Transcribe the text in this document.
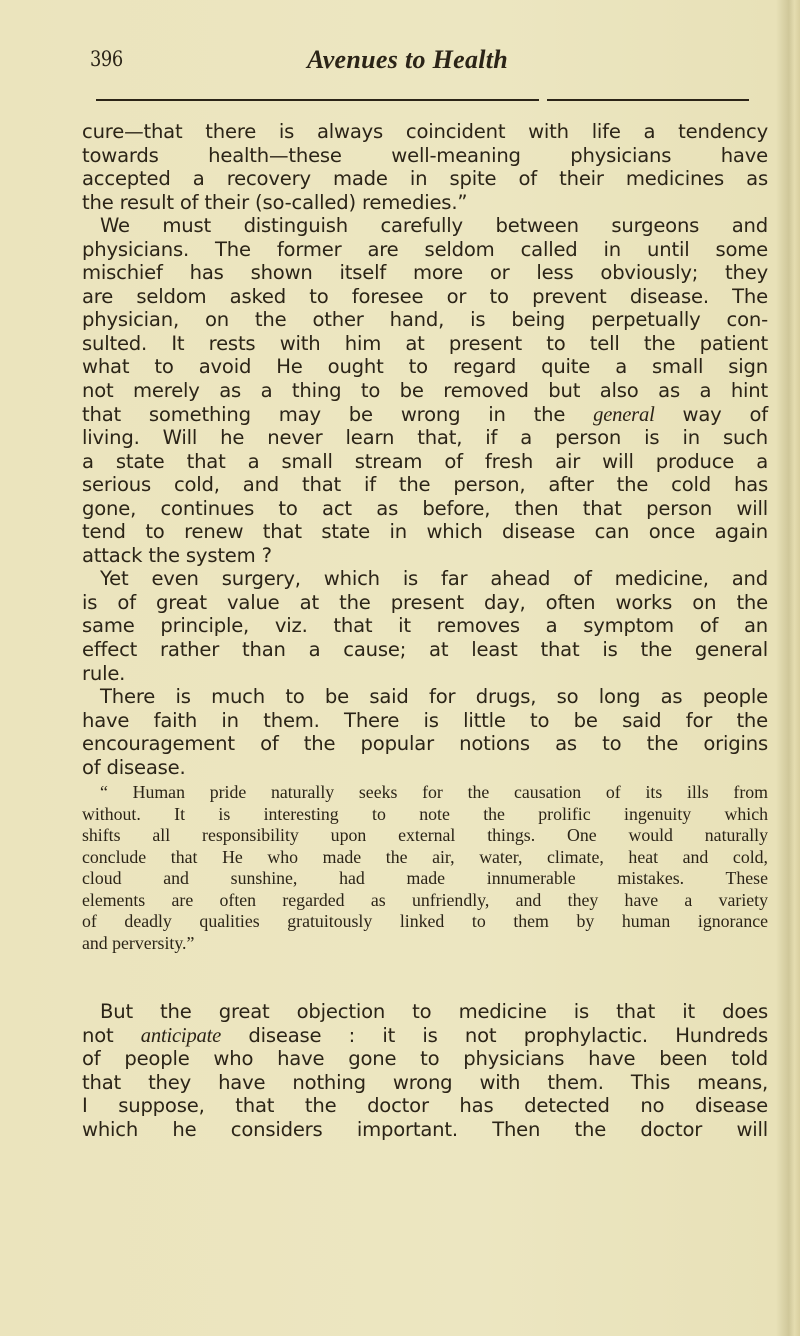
396	Avenues to Health
cure—that there is always coincident with life a tendency
towards health—these well-meaning physicians have
accepted a recovery made in spite of their medicines as
the result of their (so-called) remedies.”
We must distinguish carefully between surgeons and
physicians. The former are seldom called in until some
mischief has shown itself more or less obviously; they
are seldom asked to foresee or to prevent disease. The
physician, on the other hand, is being perpetually con-
sulted. It rests with him at present to tell the patient
what to avoid He ought to regard quite a small sign
not merely as a thing to be removed but also as a hint
that something may be wrong in the general way of
living. Will he never learn that, if a person is in such
a state that a small stream of fresh air will produce a
serious cold, and that if the person, after the cold has
gone, continues to act as before, then that person will
tend to renew that state in which disease can once again
attack the system ?
Yet even surgery, which is far ahead of medicine, and
is of great value at the present day, often works on the
same principle, viz. that it removes a symptom of an
effect rather than a cause; at least that is the general
rule.
There is much to be said for drugs, so long as people
have faith in them. There is little to be said for the
encouragement of the popular notions as to the origins
of disease.
“ Human pride naturally seeks for the causation of its ills from
without. It is interesting to note the prolific ingenuity which
shifts all responsibility upon external things. One would naturally
conclude that He who made the air, water, climate, heat and cold,
cloud and sunshine, had made innumerable mistakes. These
elements are often regarded as unfriendly, and they have a variety
of deadly qualities gratuitously linked to them by human ignorance
and perversity.”
But the great objection to medicine is that it does
not anticipate disease : it is not prophylactic. Hundreds
of people who have gone to physicians have been told
that they have nothing wrong with them. This means,
I suppose, that the doctor has detected no disease
which he considers important. Then the doctor will
